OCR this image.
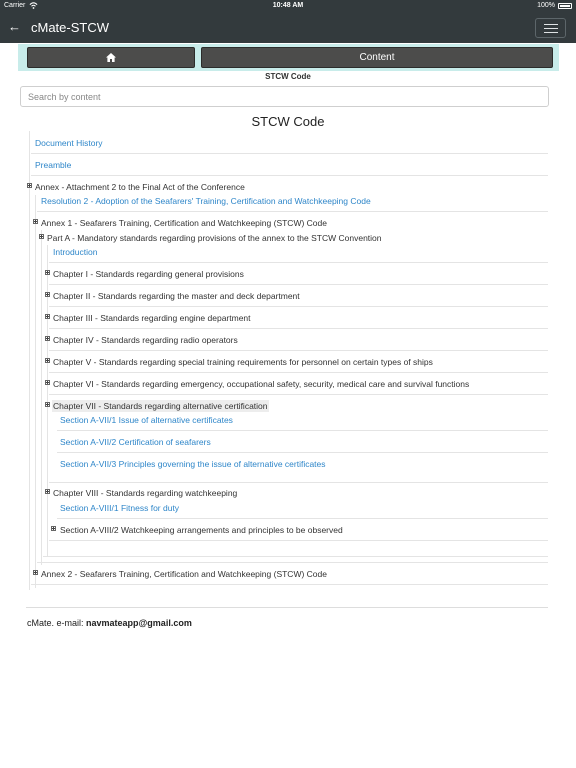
Carrier	10:48 AM	100%
← cMate-STCW
Content
STCW Code
Search by content
STCW Code
Document History
Preamble
Annex - Attachment 2 to the Final Act of the Conference
Resolution 2 - Adoption of the Seafarers' Training, Certification and Watchkeeping Code
Annex 1 - Seafarers Training, Certification and Watchkeeping (STCW) Code
Part A - Mandatory standards regarding provisions of the annex to the STCW Convention
Introduction
Chapter I - Standards regarding general provisions
Chapter II - Standards regarding the master and deck department
Chapter III - Standards regarding engine department
Chapter IV - Standards regarding radio operators
Chapter V - Standards regarding special training requirements for personnel on certain types of ships
Chapter VI - Standards regarding emergency, occupational safety, security, medical care and survival functions
Chapter VII - Standards regarding alternative certification
Section A-VII/1 Issue of alternative certificates
Section A-VII/2 Certification of seafarers
Section A-VII/3 Principles governing the issue of alternative certificates
Chapter VIII - Standards regarding watchkeeping
Section A-VIII/1 Fitness for duty
Section A-VIII/2 Watchkeeping arrangements and principles to be observed
Annex 2 - Seafarers Training, Certification and Watchkeeping (STCW) Code
cMate. e-mail: navmateapp@gmail.com
